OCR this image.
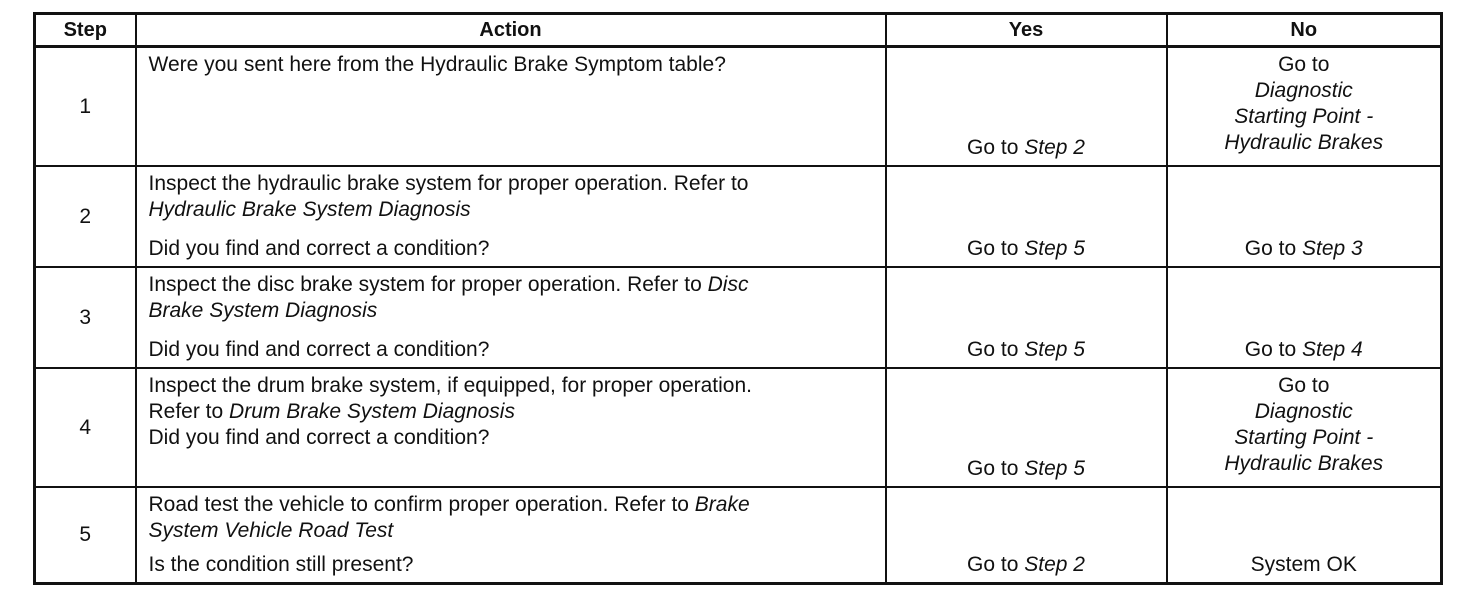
Step	Action	Yes	No
1	Were you sent here from the Hydraulic Brake Symptom table?	Go to Step 2	Go to
Diagnostic
Starting Point -
Hydraulic Brakes

2	Inspect the hydraulic brake system for proper operation. Refer to
Hydraulic Brake System Diagnosis
Did you find and correct a condition?	Go to Step 5	Go to Step 3

3	Inspect the disc brake system for proper operation. Refer to Disc
Brake System Diagnosis
Did you find and correct a condition?	Go to Step 5	Go to Step 4

4	Inspect the drum brake system, if equipped, for proper operation.
Refer to Drum Brake System Diagnosis
Did you find and correct a condition?	Go to Step 5	Go to
Diagnostic
Starting Point -
Hydraulic Brakes

5	Road test the vehicle to confirm proper operation. Refer to Brake
System Vehicle Road Test
Is the condition still present?	Go to Step 2	System OK
